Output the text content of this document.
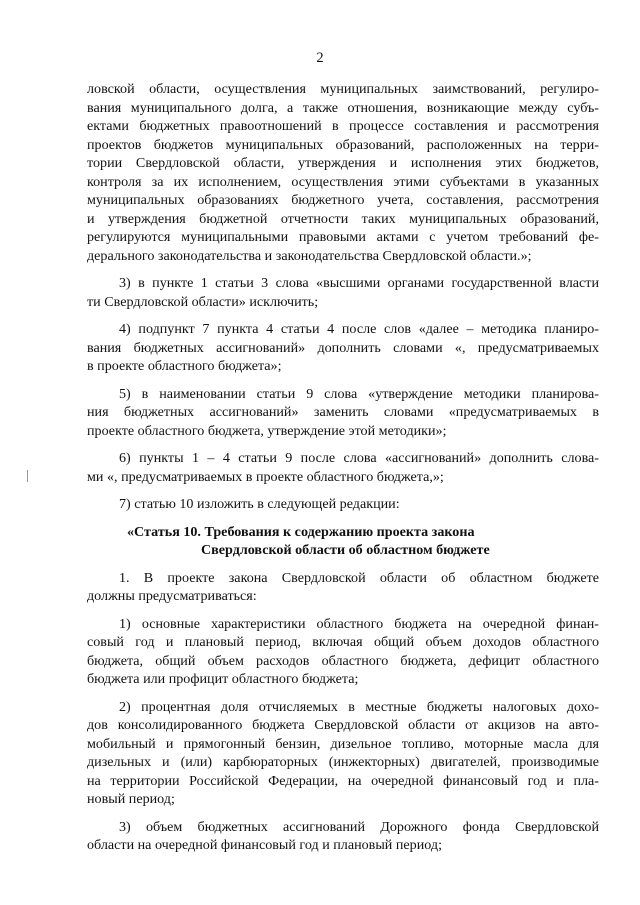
2
ловской области, осуществления муниципальных заимствований, регулиро-
вания муниципального долга, а также отношения, возникающие между субъ-
ектами бюджетных правоотношений в процессе составления и рассмотрения
проектов бюджетов муниципальных образований, расположенных на терри-
тории Свердловской области, утверждения и исполнения этих бюджетов,
контроля за их исполнением, осуществления этими субъектами в указанных
муниципальных образованиях бюджетного учета, составления, рассмотрения
и утверждения бюджетной отчетности таких муниципальных образований,
регулируются муниципальными правовыми актами с учетом требований фе-
дерального законодательства и законодательства Свердловской области.»;
3) в пункте 1 статьи 3 слова «высшими органами государственной власти
ти Свердловской области» исключить;
4) подпункт 7 пункта 4 статьи 4 после слов «далее – методика планиро-
вания бюджетных ассигнований» дополнить словами «, предусматриваемых
в проекте областного бюджета»;
5) в наименовании статьи 9 слова «утверждение методики планирова-
ния бюджетных ассигнований» заменить словами «предусматриваемых в
проекте областного бюджета, утверждение этой методики»;
6) пункты 1 – 4 статьи 9 после слова «ассигнований» дополнить слова-
ми «, предусматриваемых в проекте областного бюджета,»;
7) статью 10 изложить в следующей редакции:
«Статья 10. Требования к содержанию проекта закона
Свердловской области об областном бюджете
1. В проекте закона Свердловской области об областном бюджете
должны предусматриваться:
1) основные характеристики областного бюджета на очередной финан-
совый год и плановый период, включая общий объем доходов областного
бюджета, общий объем расходов областного бюджета, дефицит областного
бюджета или профицит областного бюджета;
2) процентная доля отчисляемых в местные бюджеты налоговых дохо-
дов консолидированного бюджета Свердловской области от акцизов на авто-
мобильный и прямогонный бензин, дизельное топливо, моторные масла для
дизельных и (или) карбюраторных (инжекторных) двигателей, производимые
на территории Российской Федерации, на очередной финансовый год и пла-
новый период;
3) объем бюджетных ассигнований Дорожного фонда Свердловской
области на очередной финансовый год и плановый период;
